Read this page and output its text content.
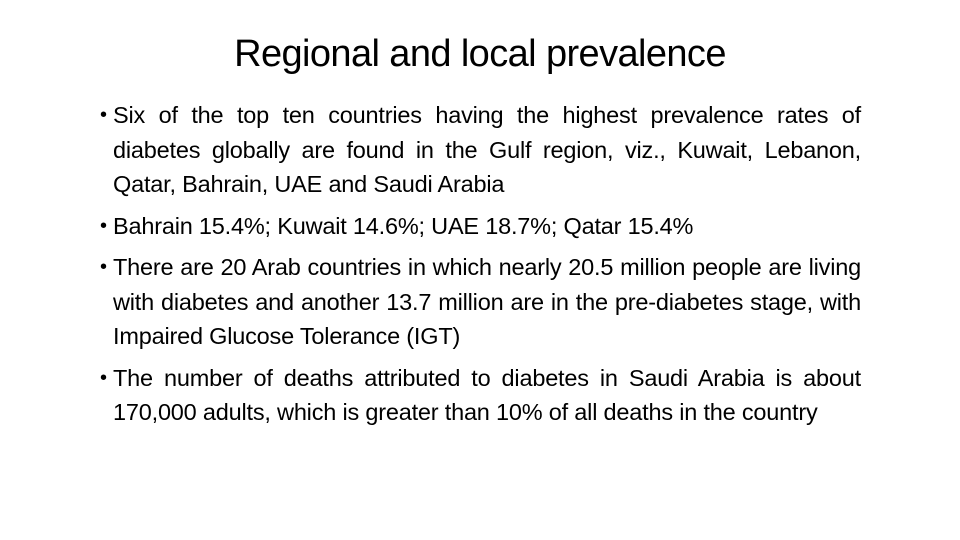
Regional and local prevalence
• Six of the top ten countries having the highest prevalence rates of diabetes globally are found in the Gulf region, viz., Kuwait, Lebanon, Qatar, Bahrain, UAE and Saudi Arabia
• Bahrain 15.4%; Kuwait 14.6%; UAE 18.7%; Qatar 15.4%
• There are 20 Arab countries in which nearly 20.5 million people are living with diabetes and another 13.7 million are in the pre-diabetes stage, with Impaired Glucose Tolerance (IGT)
• The number of deaths attributed to diabetes in Saudi Arabia is about 170,000 adults, which is greater than 10% of all deaths in the country
